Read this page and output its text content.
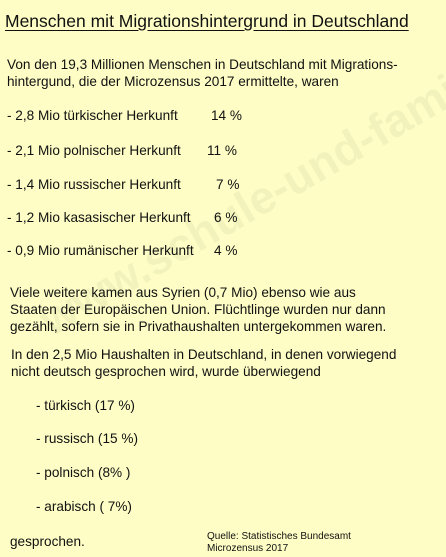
Menschen mit Migrationshintergrund in Deutschland
Von den 19,3 Millionen Menschen in Deutschland mit Migrations-
hintergund, die der Microzensus 2017 ermittelte, waren
- 2,8 Mio türkischer Herkunft 14 %
- 2,1 Mio polnischer Herkunft 11 %
- 1,4 Mio russischer Herkunft	7 %
- 1,2 Mio kasasischer Herkunft 6 %
- 0,9 Mio rumänischer Herkunft 4 %
Viele weitere kamen aus Syrien (0,7 Mio) ebenso wie aus
Staaten der Europäischen Union. Flüchtlinge wurden nur dann
gezählt, sofern sie in Privathaushalten untergekommen waren.
In den 2,5 Mio Haushalten in Deutschland, in denen vorwiegend
nicht deutsch gesprochen wird, wurde überwiegend
- türkisch (17 %)
- russisch (15 %)
- polnisch (8% )
- arabisch ( 7%)
gesprochen.	Quelle: Statistisches Bundesamt
Microzensus 2017
